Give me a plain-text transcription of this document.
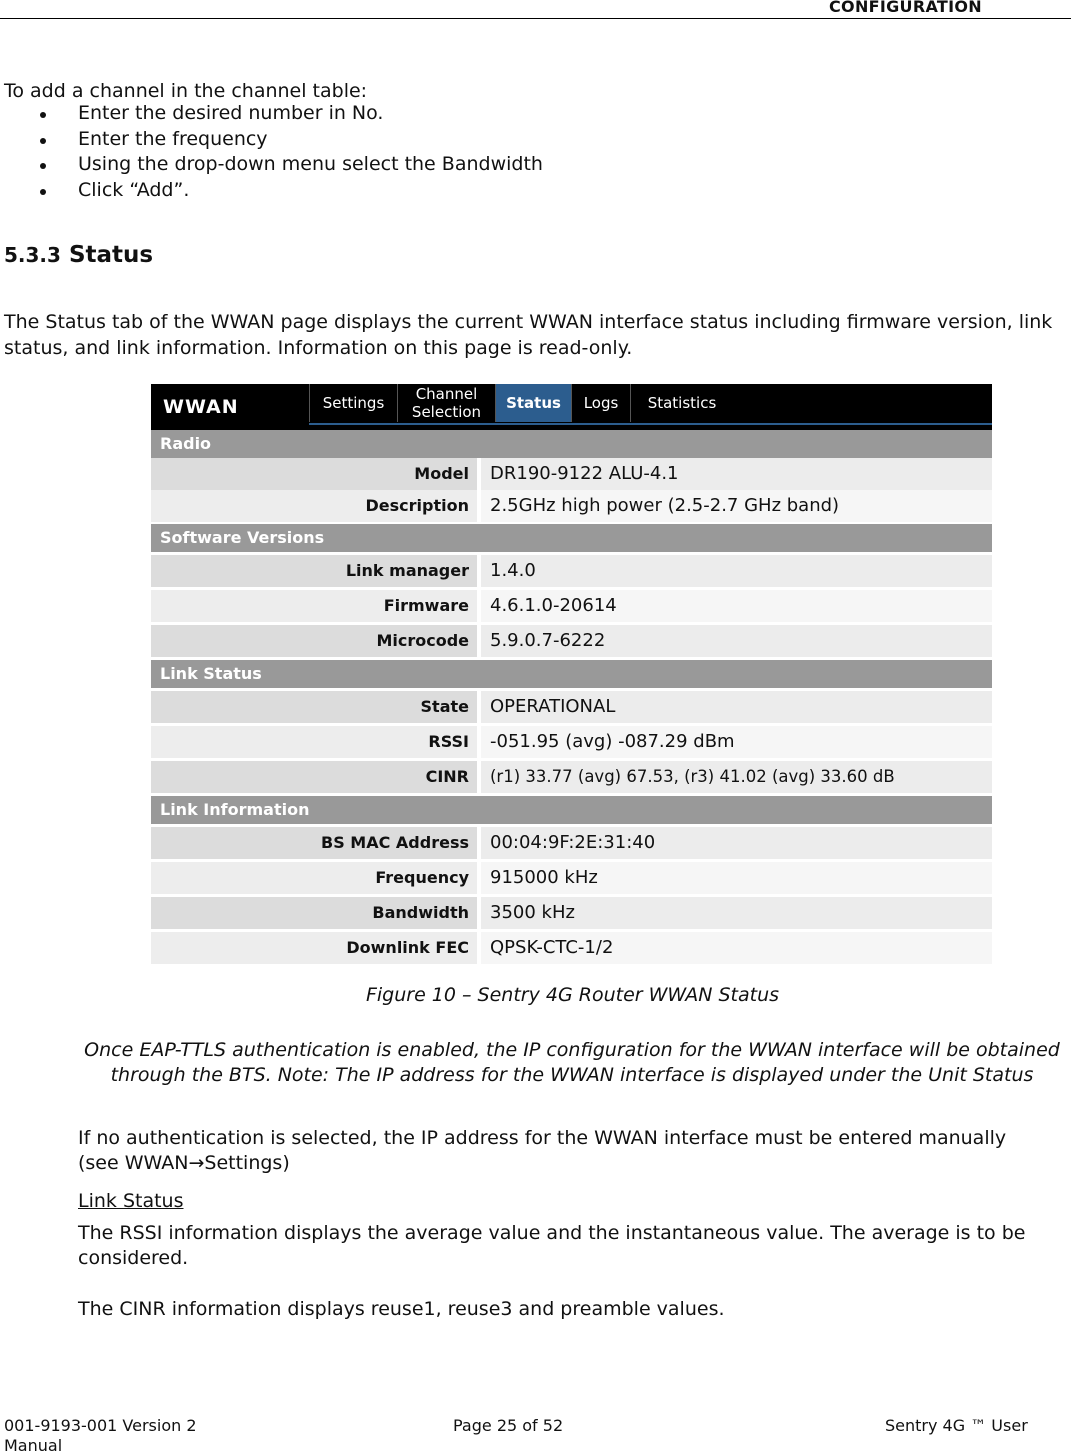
CONFIGURATION

To add a channel in the channel table:

Enter the desired number in No.
Enter the frequency
Using the drop-down menu select the Bandwidth
Click “Add”.
5.3.3 Status

The Status tab of the WWAN page displays the current WWAN interface status including firmware version, link status, and link information. Information on this page is read-only.

WWAN	Settings	Channel Selection	Status	Logs	Statistics
Radio
Model	DR190-9122 ALU-4.1
Description	2.5GHz high power (2.5-2.7 GHz band)
Software Versions
Link manager	1.4.0
Firmware	4.6.1.0-20614
Microcode	5.9.0.7-6222
Link Status
State	OPERATIONAL
RSSI	-051.95 (avg) -087.29 dBm
CINR	(r1) 33.77 (avg) 67.53, (r3) 41.02 (avg) 33.60 dB
Link Information
BS MAC Address	00:04:9F:2E:31:40
Frequency	915000 kHz
Bandwidth	3500 kHz
Downlink FEC	QPSK-CTC-1/2
Figure 10 – Sentry 4G Router WWAN Status

Once EAP-TTLS authentication is enabled, the IP configuration for the WWAN interface will be obtained through the BTS. Note: The IP address for the WWAN interface is displayed under the Unit Status

If no authentication is selected, the IP address for the WWAN interface must be entered manually (see WWAN→Settings)

Link Status

The RSSI information displays the average value and the instantaneous value. The average is to be considered.

The CINR information displays reuse1, reuse3 and preamble values.

001-9193-001 Version 2	Page 25 of 52	Sentry 4G ™ User
Manual
